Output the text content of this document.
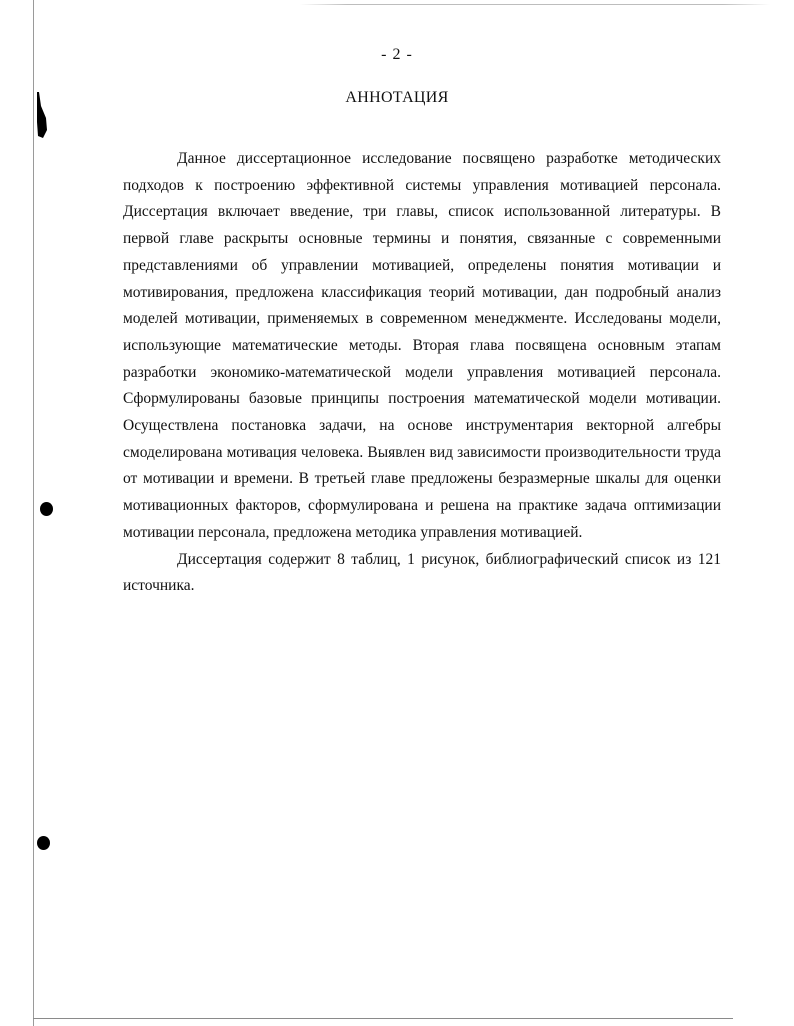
- 2 -
АННОТАЦИЯ

Данное диссертационное исследование посвящено разработке методических подходов к построению эффективной системы управления мотивацией персонала. Диссертация включает введение, три главы, список использованной литературы. В первой главе раскрыты основные термины и понятия, связанные с современными представлениями об управлении мотивацией, определены понятия мотивации и мотивирования, предложена классификация теорий мотивации, дан подробный анализ моделей мотивации, применяемых в современном менеджменте. Исследованы модели, использующие математические методы. Вторая глава посвящена основным этапам разработки экономико-математической модели управления мотивацией персонала. Сформулированы базовые принципы построения математической модели мотивации. Осуществлена постановка задачи, на основе инструментария векторной алгебры смоделирована мотивация человека. Выявлен вид зависимости производительности труда от мотивации и времени. В третьей главе предложены безразмерные шкалы для оценки мотивационных факторов, сформулирована и решена на практике задача оптимизации мотивации персонала, предложена методика управления мотивацией.

Диссертация содержит 8 таблиц, 1 рисунок, библиографический список из 121 источника.
